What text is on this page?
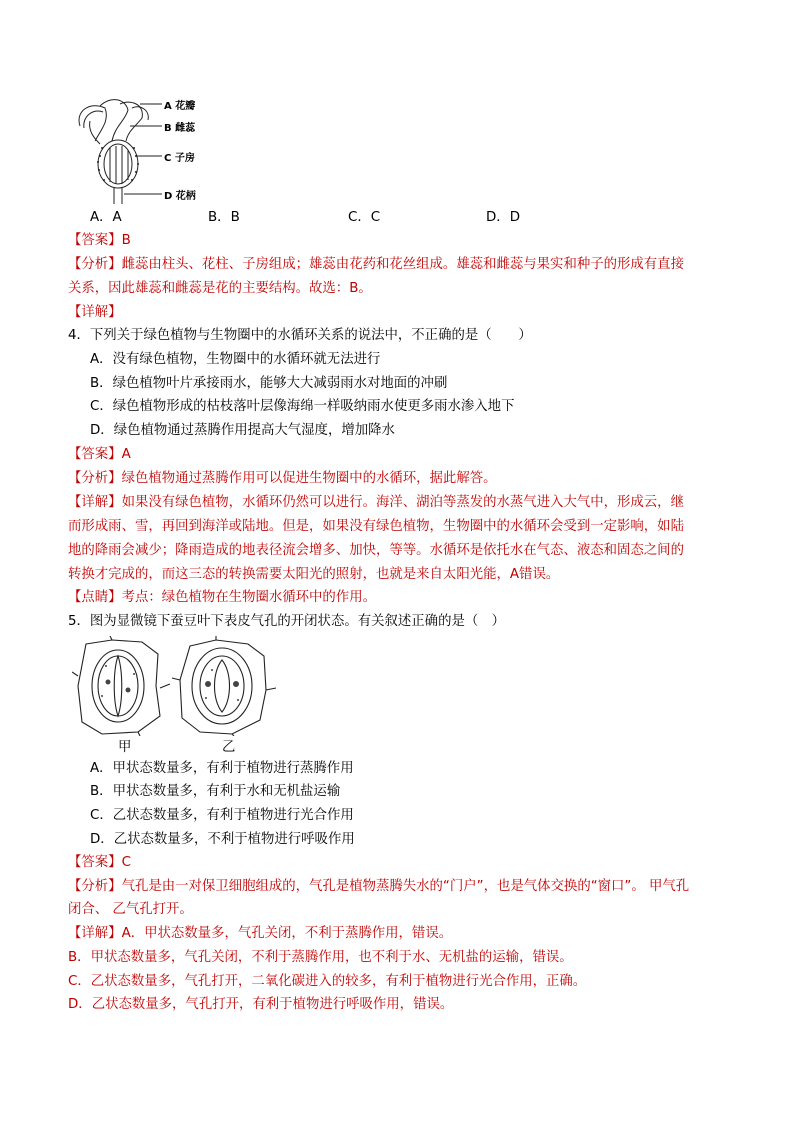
A 花瓣
B 雌蕊
C 子房
D 花柄
A．A	B．B	C．C	D．D
【答案】B
【分析】雌蕊由柱头、花柱、子房组成；雄蕊由花药和花丝组成。雄蕊和雌蕊与果实和种子的形成有直接
关系，因此雄蕊和雌蕊是花的主要结构。故选：B。
【详解】
4．下列关于绿色植物与生物圈中的水循环关系的说法中，不正确的是（　　）
A．没有绿色植物，生物圈中的水循环就无法进行
B．绿色植物叶片承接雨水，能够大大减弱雨水对地面的冲刷
C．绿色植物形成的枯枝落叶层像海绵一样吸纳雨水使更多雨水渗入地下
D．绿色植物通过蒸腾作用提高大气湿度，增加降水
【答案】A
【分析】绿色植物通过蒸腾作用可以促进生物圈中的水循环，据此解答。
【详解】如果没有绿色植物，水循环仍然可以进行。海洋、湖泊等蒸发的水蒸气进入大气中，形成云，继
而形成雨、雪，再回到海洋或陆地。但是，如果没有绿色植物，生物圈中的水循环会受到一定影响，如陆
地的降雨会减少；降雨造成的地表径流会增多、加快，等等。水循环是依托水在气态、液态和固态之间的
转换才完成的，而这三态的转换需要太阳光的照射，也就是来自太阳光能，A错误。
【点睛】考点：绿色植物在生物圈水循环中的作用。
5．图为显微镜下蚕豆叶下表皮气孔的开闭状态。有关叙述正确的是（　）
甲	乙
A．甲状态数量多，有利于植物进行蒸腾作用
B．甲状态数量多，有利于水和无机盐运输
C．乙状态数量多，有利于植物进行光合作用
D．乙状态数量多，不利于植物进行呼吸作用
【答案】C
【分析】气孔是由一对保卫细胞组成的，气孔是植物蒸腾失水的“门户”，也是气体交换的“窗口”。 甲气孔
闭合、 乙气孔打开。
【详解】A．甲状态数量多，气孔关闭，不利于蒸腾作用，错误。
B．甲状态数量多，气孔关闭，不利于蒸腾作用，也不利于水、无机盐的运输，错误。
C．乙状态数量多，气孔打开，二氧化碳进入的较多，有利于植物进行光合作用，正确。
D．乙状态数量多，气孔打开，有利于植物进行呼吸作用，错误。
